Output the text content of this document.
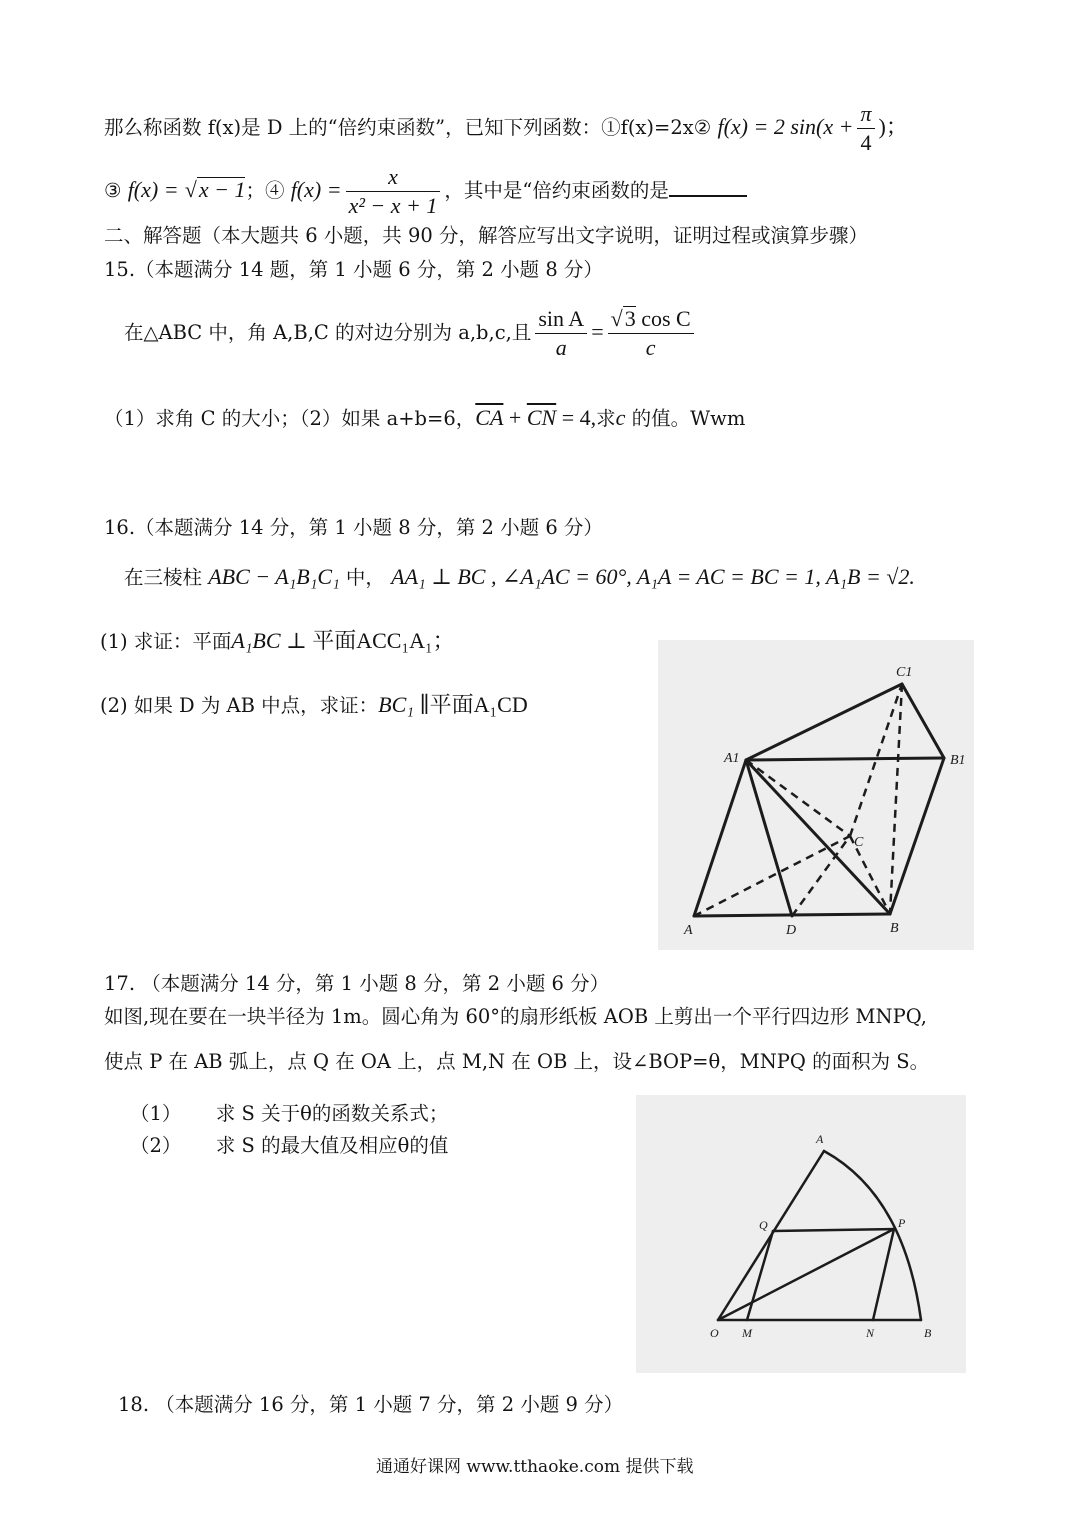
那么称函数 f(x)是 D 上的“倍约束函数”，已知下列函数：①f(x)=2x② f(x) = 2 $\sin(x + \frac{\pi}{4}$ )；
③ f(x) = √x − 1；④ $f(x) = \frac{x}{\text{x² − x + 1}}$ ，其中是“倍约束函数的是
二、解答题（本大题共 6 小题，共 90 分，解答应写出文字说明，证明过程或演算步骤）
15.（本题满分 14 题，第 1 小题 6 分，第 2 小题 8 分）
在△ABC 中，角 A,B,C 的对边分别为 a,b,c,且 $\frac{\text{sin A}}{a} = \frac{\text{√3 cos C}}{c}$
（1）求角 C 的大小；（2）如果 a+b=6，$\overline{CA} + \overline{CN} = 4$,求c 的值。Wwm
16.（本题满分 14 分，第 1 小题 8 分，第 2 小题 6 分）
在三棱柱 ABC − A₁B₁C₁ 中， AA₁ ⊥ BC , ∠A₁AC = 60°, A₁A = AC = BC = 1, A₁B = √2.
(1) 求证：平面A₁BC ⊥ 平面ACC₁A₁；
(2) 如果 D 为 AB 中点，求证：BC₁ ∥平面A₁CD
C1
A1	B1
C
A	D	B
17. （本题满分 14 分，第 1 小题 8 分，第 2 小题 6 分）
如图,现在要在一块半径为 1m。圆心角为 60°的扇形纸板 AOB 上剪出一个平行四边形 MNPQ,
使点 P 在 AB 弧上，点 Q 在 OA 上，点 M,N 在 OB 上，设∠BOP=θ，MNPQ 的面积为 S。
（1） 求 S 关于θ的函数关系式；
（2） 求 S 的最大值及相应θ的值	A
Q	P
O M	N	B
18. （本题满分 16 分，第 1 小题 7 分，第 2 小题 9 分）
通通好课网 www.tthaoke.com 提供下载
